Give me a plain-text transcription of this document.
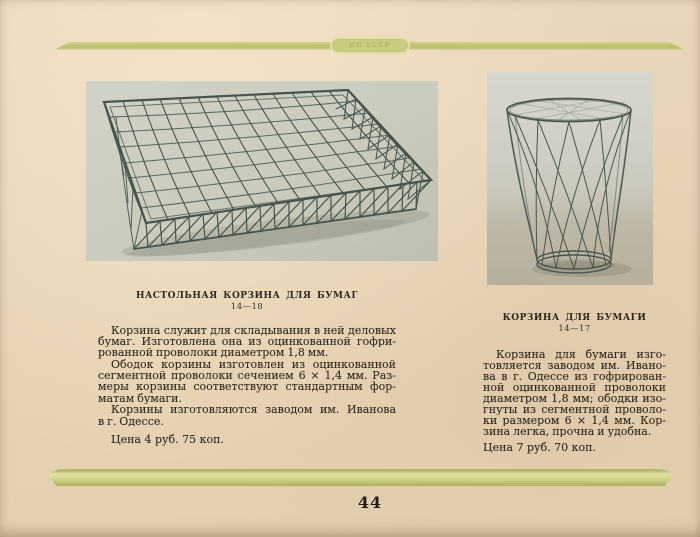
МП УССР
НАСТОЛЬНАЯ КОРЗИНА ДЛЯ БУМАГ
14—18
Корзина служит для складывания в ней деловых
бумаг. Изготовлена она из оцинкованной гофри-
рованной проволоки диаметром 1,8 мм.
Ободок корзины изготовлен из оцинкованной
сегментной проволоки сечением 6 × 1,4 мм. Раз-
меры корзины соответствуют стандартным фор-
матам бумаги.
Корзины изготовляются заводом им. Иванова
в г. Одессе.
Цена 4 руб. 75 коп.
КОРЗИНА ДЛЯ БУМАГИ
14—17
Корзина для бумаги изго-
товляется заводом им. Ивано-
ва в г. Одессе из гофрирован-
ной оцинкованной проволоки
диаметром 1,8 мм; ободки изо-
гнуты из сегментной проволо-
ки размером 6 × 1,4 мм. Кор-
зина легка, прочна и удобна.
Цена 7 руб. 70 коп.
44
